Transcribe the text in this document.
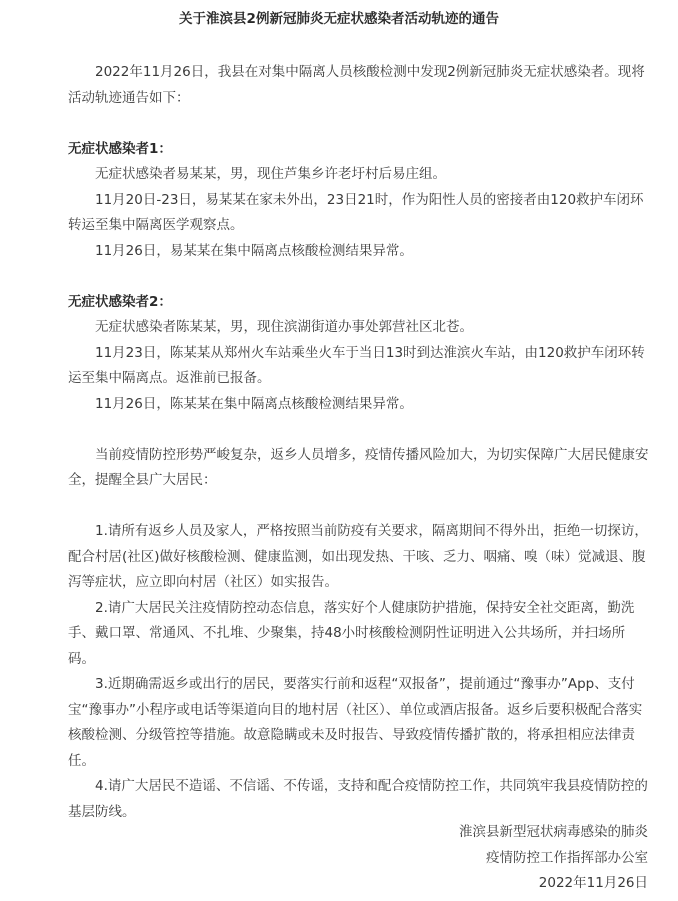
关于淮滨县2例新冠肺炎无症状感染者活动轨迹的通告

2022年11月26日，我县在对集中隔离人员核酸检测中发现2例新冠肺炎无症状感染者。现将活动轨迹通告如下：

无症状感染者1：

无症状感染者易某某，男，现住芦集乡许老圩村后易庄组。

11月20日-23日，易某某在家未外出，23日21时，作为阳性人员的密接者由120救护车闭环转运至集中隔离医学观察点。

11月26日，易某某在集中隔离点核酸检测结果异常。

无症状感染者2：

无症状感染者陈某某，男，现住滨湖街道办事处郭营社区北苍。

11月23日，陈某某从郑州火车站乘坐火车于当日13时到达淮滨火车站，由120救护车闭环转运至集中隔离点。返淮前已报备。

11月26日，陈某某在集中隔离点核酸检测结果异常。

当前疫情防控形势严峻复杂，返乡人员增多，疫情传播风险加大，为切实保障广大居民健康安全，提醒全县广大居民：

1.请所有返乡人员及家人，严格按照当前防疫有关要求，隔离期间不得外出，拒绝一切探访，配合村居(社区)做好核酸检测、健康监测，如出现发热、干咳、乏力、咽痛、嗅（味）觉减退、腹泻等症状，应立即向村居（社区）如实报告。

2.请广大居民关注疫情防控动态信息，落实好个人健康防护措施，保持安全社交距离，勤洗手、戴口罩、常通风、不扎堆、少聚集，持48小时核酸检测阴性证明进入公共场所，并扫场所码。

3.近期确需返乡或出行的居民，要落实行前和返程“双报备”，提前通过“豫事办”App、支付宝“豫事办”小程序或电话等渠道向目的地村居（社区）、单位或酒店报备。返乡后要积极配合落实核酸检测、分级管控等措施。故意隐瞒或未及时报告、导致疫情传播扩散的，将承担相应法律责任。

4.请广大居民不造谣、不信谣、不传谣，支持和配合疫情防控工作，共同筑牢我县疫情防控的基层防线。

淮滨县新型冠状病毒感染的肺炎
疫情防控工作指挥部办公室
2022年11月26日
